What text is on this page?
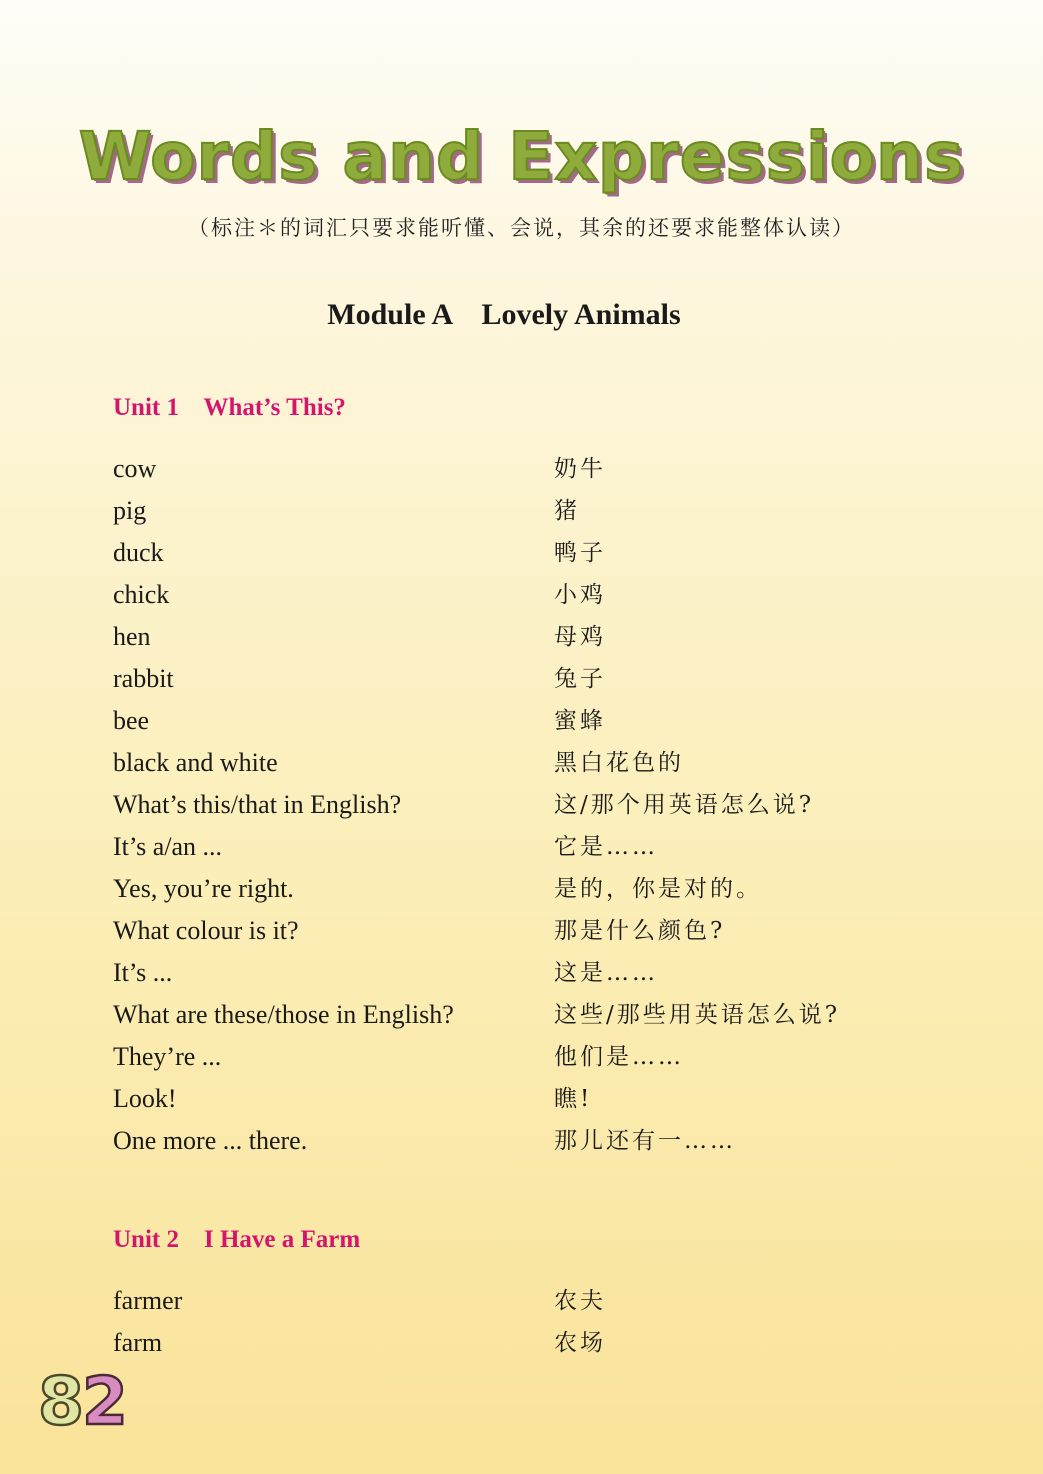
Words and Expressions
（标注＊的词汇只要求能听懂、会说，其余的还要求能整体认读）
Module A    Lovely Animals
Unit 1    What’s This?
cow	奶牛
pig	猪
duck	鸭子
chick	小鸡
hen	母鸡
rabbit	兔子
bee	蜜蜂
black and white	黑白花色的
What’s this/that in English?	这/那个用英语怎么说?
It’s a/an ...	它是……
Yes, you’re right.	是的，你是对的。
What colour is it?	那是什么颜色?
It’s ...	这是……
What are these/those in English?	这些/那些用英语怎么说?
They’re ...	他们是……
Look!	瞧!
One more ... there.	那儿还有一……
Unit 2    I Have a Farm
farmer	农夫
farm	农场
8
2
